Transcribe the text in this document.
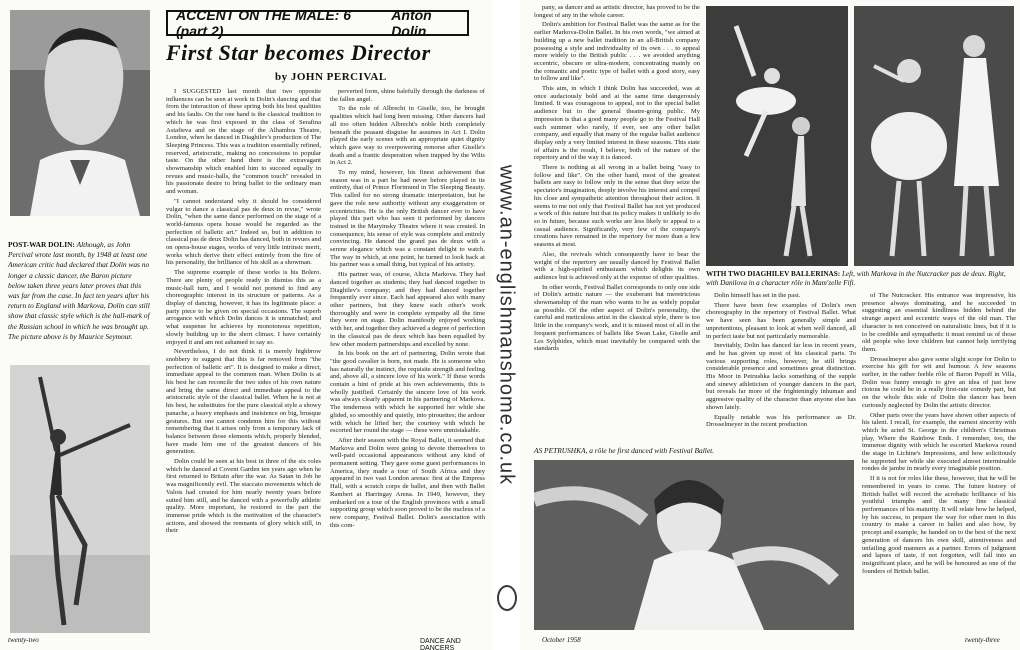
ACCENT ON THE MALE: 6 (part 2)
Anton Dolin
First Star becomes Director
by JOHN PERCIVAL
POST-WAR DOLIN: Although, as John Percival wrote last month, by 1948 at least one American critic had declared that Dolin was no longer a classic dancer, the Baron picture below taken three years later proves that this was far from the case. In fact ten years after his return to England with Markova, Dolin can still show that classic style which is the hall-mark of the Russian school in which he was brought up.
The picture above is by Maurice Seymour.

I SUGGESTED last month that two opposite influences can be seen at work in Dolin's dancing and that from the interaction of these spring both his best qualities and his faults. On the one hand is the classical tradition to which he was first exposed in the class of Serafina Astafieva and on the stage of the Alhambra Theatre, London, when he danced in Diaghilev's production of The Sleeping Princess. This was a tradition essentially refined, reserved, aristocratic, making no concessions to popular taste. On the other hand there is the extravagant showmanship which enabled him to succeed equally in revues and music-halls, the "common touch" revealed in his passionate desire to bring ballet to the ordinary man and woman.

"I cannot understand why it should be considered vulgar to dance a classical pas de deux in revue," wrote Dolin, "when the same dance performed on the stage of a world-famous opera house would be regarded as the perfection of balletic art." Indeed so, but in addition to classical pas de deux Dolin has danced, both in revues and on opera-house stages, works of very little intrinsic merit, works which derive their effect entirely from the fire of his personality, the brilliance of his skill as a showman.

The supreme example of these works is his Bolero. There are plenty of people ready to dismiss this as a music-hall turn, and I would not pretend to find any choreographic interest in its structure or patterns. As a display of dancing, however, it has its legitimate place: a party piece to be given on special occasions. The superb arrogance with which Dolin dances it is unmatched; and what suspense he achieves by monotonous repetition, slowly building up to the short climax. I have certainly enjoyed it and am not ashamed to say so.

Nevertheless, I do not think it is merely highbrow snobbery to suggest that this is far removed from "the perfection of balletic art". It is designed to make a direct, immediate appeal to the common man. When Dolin is at his best he can reconcile the two sides of his own nature and bring the same direct and immediate appeal to the aristocratic style of the classical ballet. When he is not at his best, he substitutes for the pure classical style a showy panache, a heavy emphasis and insistence on big, brusque gestures. But one cannot condemn him for this without remembering that it arises only from a temporary lack of balance between those elements which, properly blended, have made him one of the greatest dancers of his generation.

Dolin could be seen at his best in three of the six roles which he danced at Covent Garden ten years ago when he first returned to Britain after the war. As Satan in Job he was magnificently evil. The staccato movements which de Valois had created for him nearly twenty years before suited him still, and he danced with a powerfully athletic quality. More important, he restored to the part the immense pride which is the motivation of the character's actions, and showed the remnants of glory which still, in their

perverted form, shine balefully through the darkness of the fallen angel.

To the role of Albrecht in Giselle, too, he brought qualities which had long been missing. Other dancers had all too often hidden Albrecht's noble birth completely beneath the peasant disguise he assumes in Act I. Dolin played the early scenes with an appropriate quiet dignity which gave way to overpowering remorse after Giselle's death and a frantic desperation when trapped by the Wilis in Act 2.

To my mind, however, his finest achievement that season was in a part he had never before played in its entirety, that of Prince Florimund in The Sleeping Beauty. This called for no strong dramatic interpretation, but he gave the role new authority without any exaggeration or eccentricities. He is the only British dancer ever to have played this part who has seen it performed by dancers trained in the Maryinsky Theatre where it was created. In consequence, his sense of style was complete and entirely convincing. He danced the grand pas de deux with a serene elegance which was a constant delight to watch. The way in which, at one point, he turned to look back at his partner was a small thing, but typical of his artistry.

His partner was, of course, Alicia Markova. They had danced together as students; they had danced together in Diaghilev's company; and they had danced together frequently ever since. Each had appeared also with many other partners, but they knew each other's work thoroughly and were in complete sympathy all the time they were on stage. Dolin manifestly enjoyed working with her, and together they achieved a degree of perfection in the classical pas de deux which has been equalled by few other modern partnerships and excelled by none.

In his book on the art of partnering, Dolin wrote that "the good cavalier is born, not made. He is someone who has naturally the instinct, the requisite strength and feeling and, above all, a sincere love of his work." If these words contain a hint of pride at his own achievements, this is wholly justified. Certainly the sincere love of his work was always clearly apparent in his partnering of Markova. The tenderness with which he supported her while she glided, so smoothly and quietly, into pirouettes; the ardour with which he lifted her; the courtesy with which he escorted her round the stage — these were unmistakable.

After their season with the Royal Ballet, it seemed that Markova and Dolin were going to devote themselves to well-paid occasional appearances without any kind of permanent setting. They gave some guest performances in America, they made a tour of South Africa and they appeared in two vast London arenas: first at the Empress Hall, with a scratch corps de ballet, and then with Ballet Rambert at Harringay Arena. In 1949, however, they embarked on a tour of the English provinces with a small supporting group which soon proved to be the nucleus of a new company, Festival Ballet. Dolin's association with this com-

twenty-two	DANCE AND DANCERS
www.an-englishmanshome.co.uk

pany, as dancer and as artistic director, has proved to be the longest of any in the whole career.

Dolin's ambition for Festival Ballet was the same as for the earlier Markova-Dolin Ballet. In his own words, "we aimed at building up a new ballet tradition in an all-British company possessing a style and individuality of its own . . . to appeal more widely to the British public . . . we avoided anything eccentric, obscure or ultra-modern, concentrating mainly on the romantic and poetic type of ballet with a good story, easy to follow and like".

This aim, in which I think Dolin has succeeded, was at once audaciously bold and at the same time dangerously limited. It was courageous to appeal, not to the special ballet audience but to the general theatre-going public. My impression is that a good many people go to the Festival Hall each summer who rarely, if ever, see any other ballet company, and equally that many of the regular ballet audience display only a very limited interest in these seasons. This state of affairs is the result, I believe, both of the nature of the repertory and of the way it is danced.

There is nothing at all wrong in a ballet being "easy to follow and like". On the other hand, most of the greatest ballets are easy to follow only in the sense that they seize the spectator's imagination, deeply involve his interest and compel his close and sympathetic attention throughout their action. It seems to me not only that Festival Ballet has not yet produced a work of this nature but that its policy makes it unlikely to do so in future, because such works are less likely to appeal to a casual audience. Significantly, very few of the company's creations have remained in the repertory for more than a few seasons at most.

Also, the revivals which consequently have to bear the weight of the repertory are usually danced by Festival Ballet with a high-spirited enthusiasm which delights its own audience but is achieved only at the expense of other qualities.

In other words, Festival Ballet corresponds to only one side of Dolin's artistic nature — the exuberant but meretricious showmanship of the man who wants to be as widely popular as possible. Of the other aspect of Dolin's personality, the careful and meticulous artist in the classical style, there is too little in the company's work, and it is missed most of all in the frequent performances of ballets like Swan Lake, Giselle and Les Sylphides, which must inevitably be compared with the standards

WITH TWO DIAGHILEV BALLERINAS: Left, with Markova in the Nutcracker pas de deux. Right, with Danilova in a character rôle in Mam'zelle Fifi.

Dolin himself has set in the past.

There have been few examples of Dolin's own choreography in the repertory of Festival Ballet. What we have seen has been generally simple and unpretentious, pleasant to look at when well danced, all in perfect taste but not particularly memorable.

Inevitably, Dolin has danced far less in recent years, and he has given up most of his classical parts. To various supporting roles, however, he still brings considerable presence and sometimes great distinction. His Moor in Petrushka lacks something of the supple and sinewy athleticism of younger dancers in the part, but reveals far more of the frighteningly inhuman and aggressive quality of the character than anyone else has shown lately.

Equally notable was his performance as Dr. Drosselmeyer in the recent production

of The Nutcracker. His entrance was impressive, his presence always dominating, and he succeeded in suggesting an essential kindliness hidden behind the strange aspect and eccentric ways of the old man. The character is not conceived on naturalistic lines, but if it is to be credible and sympathetic it must remind us of those old people who love children but cannot help terrifying them.

Drosselmeyer also gave some slight scope for Dolin to exercise his gift for wit and humour. A few seasons earlier, in the rather feeble rôle of Baron Popoff in Villa, Dolin was funny enough to give an idea of just how riotous he could be in a really first-rate comedy part, but on the whole this side of Dolin the dancer has been curiously neglected by Dolin the artistic director.

Other parts over the years have shown other aspects of his talent. I recall, for example, the earnest sincerity with which he acted St. George in the children's Christmas play, Where the Rainbow Ends. I remember, too, the immense dignity with which he escorted Markova round the stage in Lichine's Impressions, and how solicitously he supported her while she executed almost interminable rondes de jambe in nearly every imaginable position.

If it is not for roles like these, however, that he will be remembered in years to come. The future history of British ballet will record the acrobatic brilliance of his youthful triumphs and the many fine classical performances of his maturity. It will relate how he helped, by his success, to prepare the way for other men in this country to make a career in ballet and also how, by precept and example, he handed on to the best of the next generation of dancers his own skill, attentiveness and unfailing good manners as a partner. Errors of judgment and lapses of taste, if not forgotten, will fall into an insignificant place, and he will be honoured as one of the founders of British ballet.

AS PETRUSHKA, a rôle he first danced with Festival Ballet.
October 1958	twenty-three
